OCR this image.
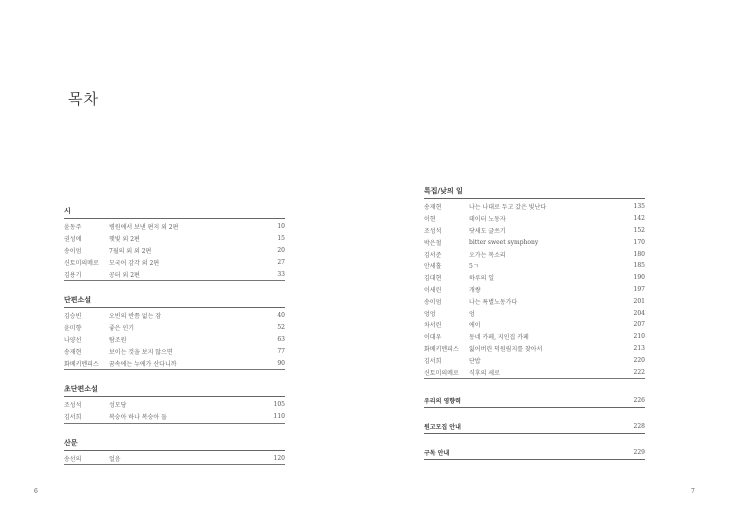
목차
시
윤동주	병원에서 보낸 편지 외 2편	10
권성애	햇빛 외 2편	15
송이엄	7월의 외 외 2편	20
신토미의메로	모국어 감각 외 2편	27
김용기	공터 외 2편	33
단편소설
김승빈	오빈의 반쯤 없는 잠	40
윤미향	좋은 인기	52
나양선	탐조원	63
송재현	보이는 것을 보지 않으면	77
화베키멘피스	꿈속에는 누에가 산다니까	90
초단편소설
조성석	성모당	105
김서희	복숭아 하나 복숭아 둘	110
산문
송선의	얼음	120
특집/낮의 일
송재현	나는 나대로 두고 갔은 빛난다	135
이현	데이터 노동자	142
조성석	닷새도 글쓰기	152
박은철	bitter sweet symphony	170
김서준	오가는 목소리	180
안세홀	5ㄱ	185
김대현	하루의 일	190
이세린	개썅	197
송이엄	나는 특별노동가다	201
엉엉	엉	204
차서린	에이	207
이대우	동네 카페, 지인집 카페	210
화베키멘피스	잃어버린 덕원림지를 찾아서	213
김서희	단밥	220
신토미의메로	식후의 세로	222
우리의 영향력	226
원고모집 안내	228
구독 안내	229
6	7
